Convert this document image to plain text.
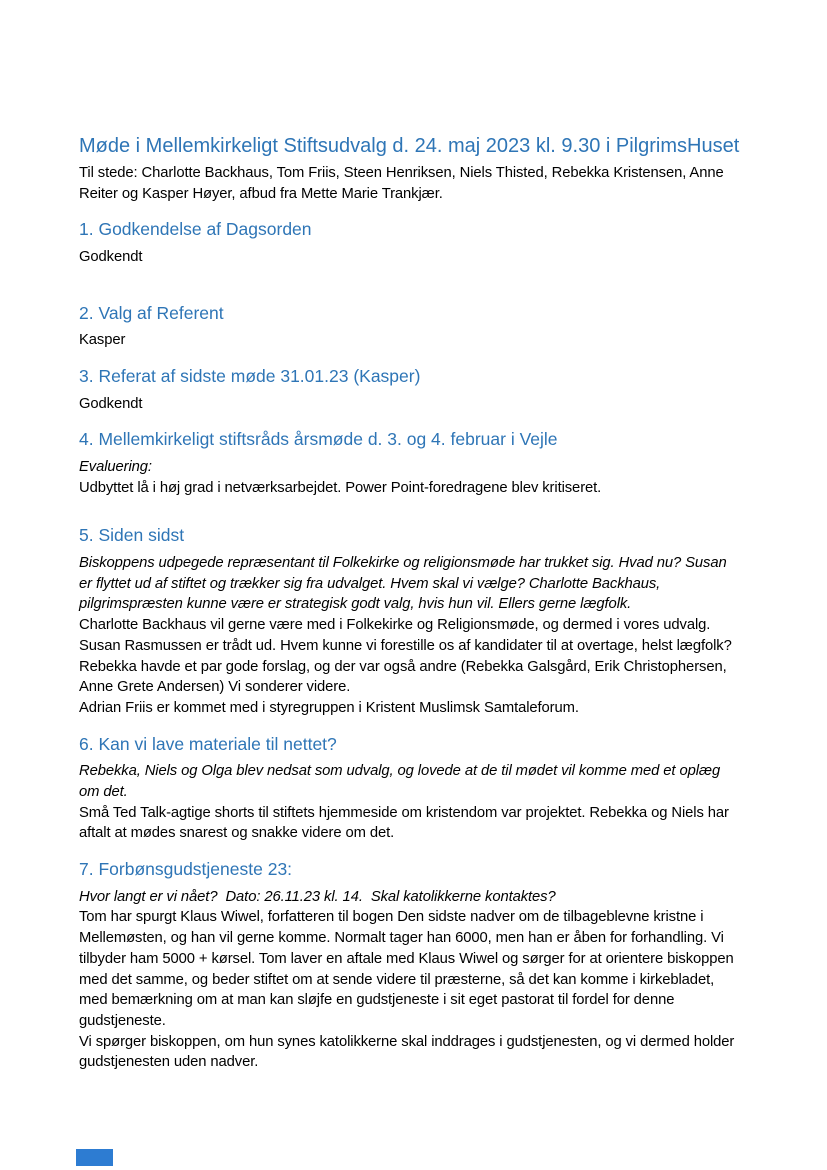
Møde i Mellemkirkeligt Stiftsudvalg d. 24. maj 2023 kl. 9.30 i PilgrimsHuset

Til stede: Charlotte Backhaus, Tom Friis, Steen Henriksen, Niels Thisted, Rebekka Kristensen, Anne Reiter og Kasper Høyer, afbud fra Mette Marie Trankjær.

1. Godkendelse af Dagsorden

Godkendt

2. Valg af Referent

Kasper

3. Referat af sidste møde 31.01.23 (Kasper)

Godkendt

4. Mellemkirkeligt stiftsråds årsmøde d. 3. og 4. februar i Vejle

Evaluering:

Udbyttet lå i høj grad i netværksarbejdet. Power Point-foredragene blev kritiseret.

5. Siden sidst

Biskoppens udpegede repræsentant til Folkekirke og religionsmøde har trukket sig. Hvad nu? Susan er flyttet ud af stiftet og trækker sig fra udvalget. Hvem skal vi vælge? Charlotte Backhaus, pilgrimspræsten kunne være er strategisk godt valg, hvis hun vil. Ellers gerne lægfolk.

Charlotte Backhaus vil gerne være med i Folkekirke og Religionsmøde, og dermed i vores udvalg.

Susan Rasmussen er trådt ud. Hvem kunne vi forestille os af kandidater til at overtage, helst lægfolk? Rebekka havde et par gode forslag, og der var også andre (Rebekka Galsgård, Erik Christophersen, Anne Grete Andersen) Vi sonderer videre.

Adrian Friis er kommet med i styregruppen i Kristent Muslimsk Samtaleforum.

6. Kan vi lave materiale til nettet?

Rebekka, Niels og Olga blev nedsat som udvalg, og lovede at de til mødet vil komme med et oplæg om det.

Små Ted Talk-agtige shorts til stiftets hjemmeside om kristendom var projektet. Rebekka og Niels har aftalt at mødes snarest og snakke videre om det.

7. Forbønsgudstjeneste 23:

Hvor langt er vi nået?  Dato: 26.11.23 kl. 14.  Skal katolikkerne kontaktes?

Tom har spurgt Klaus Wiwel, forfatteren til bogen Den sidste nadver om de tilbageblevne kristne i Mellemøsten, og han vil gerne komme. Normalt tager han 6000, men han er åben for forhandling. Vi tilbyder ham 5000 + kørsel. Tom laver en aftale med Klaus Wiwel og sørger for at orientere biskoppen med det samme, og beder stiftet om at sende videre til præsterne, så det kan komme i kirkebladet, med bemærkning om at man kan sløjfe en gudstjeneste i sit eget pastorat til fordel for denne gudstjeneste.

Vi spørger biskoppen, om hun synes katolikkerne skal inddrages i gudstjenesten, og vi dermed holder gudstjenesten uden nadver.
